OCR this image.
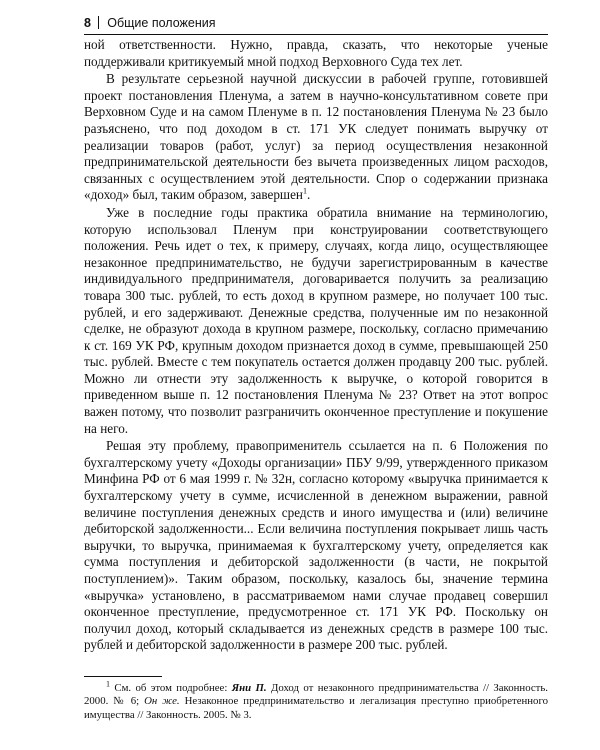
8	Общие положения

ной ответственности. Нужно, правда, сказать, что некоторые ученые поддерживали критикуемый мной подход Верховного Суда тех лет.

В результате серьезной научной дискуссии в рабочей группе, готовившей проект постановления Пленума, а затем в научно-консультативном совете при Верховном Суде и на самом Пленуме в п. 12 постановления Пленума № 23 было разъяснено, что под доходом в ст. 171 УК следует понимать выручку от реализации товаров (работ, услуг) за период осуществления незаконной предпринимательской деятельности без вычета произведенных лицом расходов, связанных с осуществлением этой деятельности. Спор о содержании признака «доход» был, таким образом, завершен$^1$.

Уже в последние годы практика обратила внимание на терминологию, которую использовал Пленум при конструировании соответствующего положения. Речь идет о тех, к примеру, случаях, когда лицо, осуществляющее незаконное предпринимательство, не будучи зарегистрированным в качестве индивидуального предпринимателя, договаривается получить за реализацию товара 300 тыс. рублей, то есть доход в крупном размере, но получает 100 тыс. рублей, и его задерживают. Денежные средства, полученные им по незаконной сделке, не образуют дохода в крупном размере, поскольку, согласно примечанию к ст. 169 УК РФ, крупным доходом признается доход в сумме, превышающей 250 тыс. рублей. Вместе с тем покупатель остается должен продавцу 200 тыс. рублей. Можно ли отнести эту задолженность к выручке, о которой говорится в приведенном выше п. 12 постановления Пленума № 23? Ответ на этот вопрос важен потому, что позволит разграничить оконченное преступление и покушение на него.

Решая эту проблему, правоприменитель ссылается на п. 6 Положения по бухгалтерскому учету «Доходы организации» ПБУ 9/99, утвержденного приказом Минфина РФ от 6 мая 1999 г. № 32н, согласно которому «выручка принимается к бухгалтерскому учету в сумме, исчисленной в денежном выражении, равной величине поступления денежных средств и иного имущества и (или) величине дебиторской задолженности... Если величина поступления покрывает лишь часть выручки, то выручка, принимаемая к бухгалтерскому учету, определяется как сумма поступления и дебиторской задолженности (в части, не покрытой поступлением)». Таким образом, поскольку, казалось бы, значение термина «выручка» установлено, в рассматриваемом нами случае продавец совершил оконченное преступление, предусмотренное ст. 171 УК РФ. Поскольку он получил доход, который складывается из денежных средств в размере 100 тыс. рублей и дебиторской задолженности в размере 200 тыс. рублей.

$^1$ См. об этом подробнее: Яни П. Доход от незаконного предпринимательства // Законность. 2000. № 6; Он же. Незаконное предпринимательство и легализация преступно приобретенного имущества // Законность. 2005. № 3.
